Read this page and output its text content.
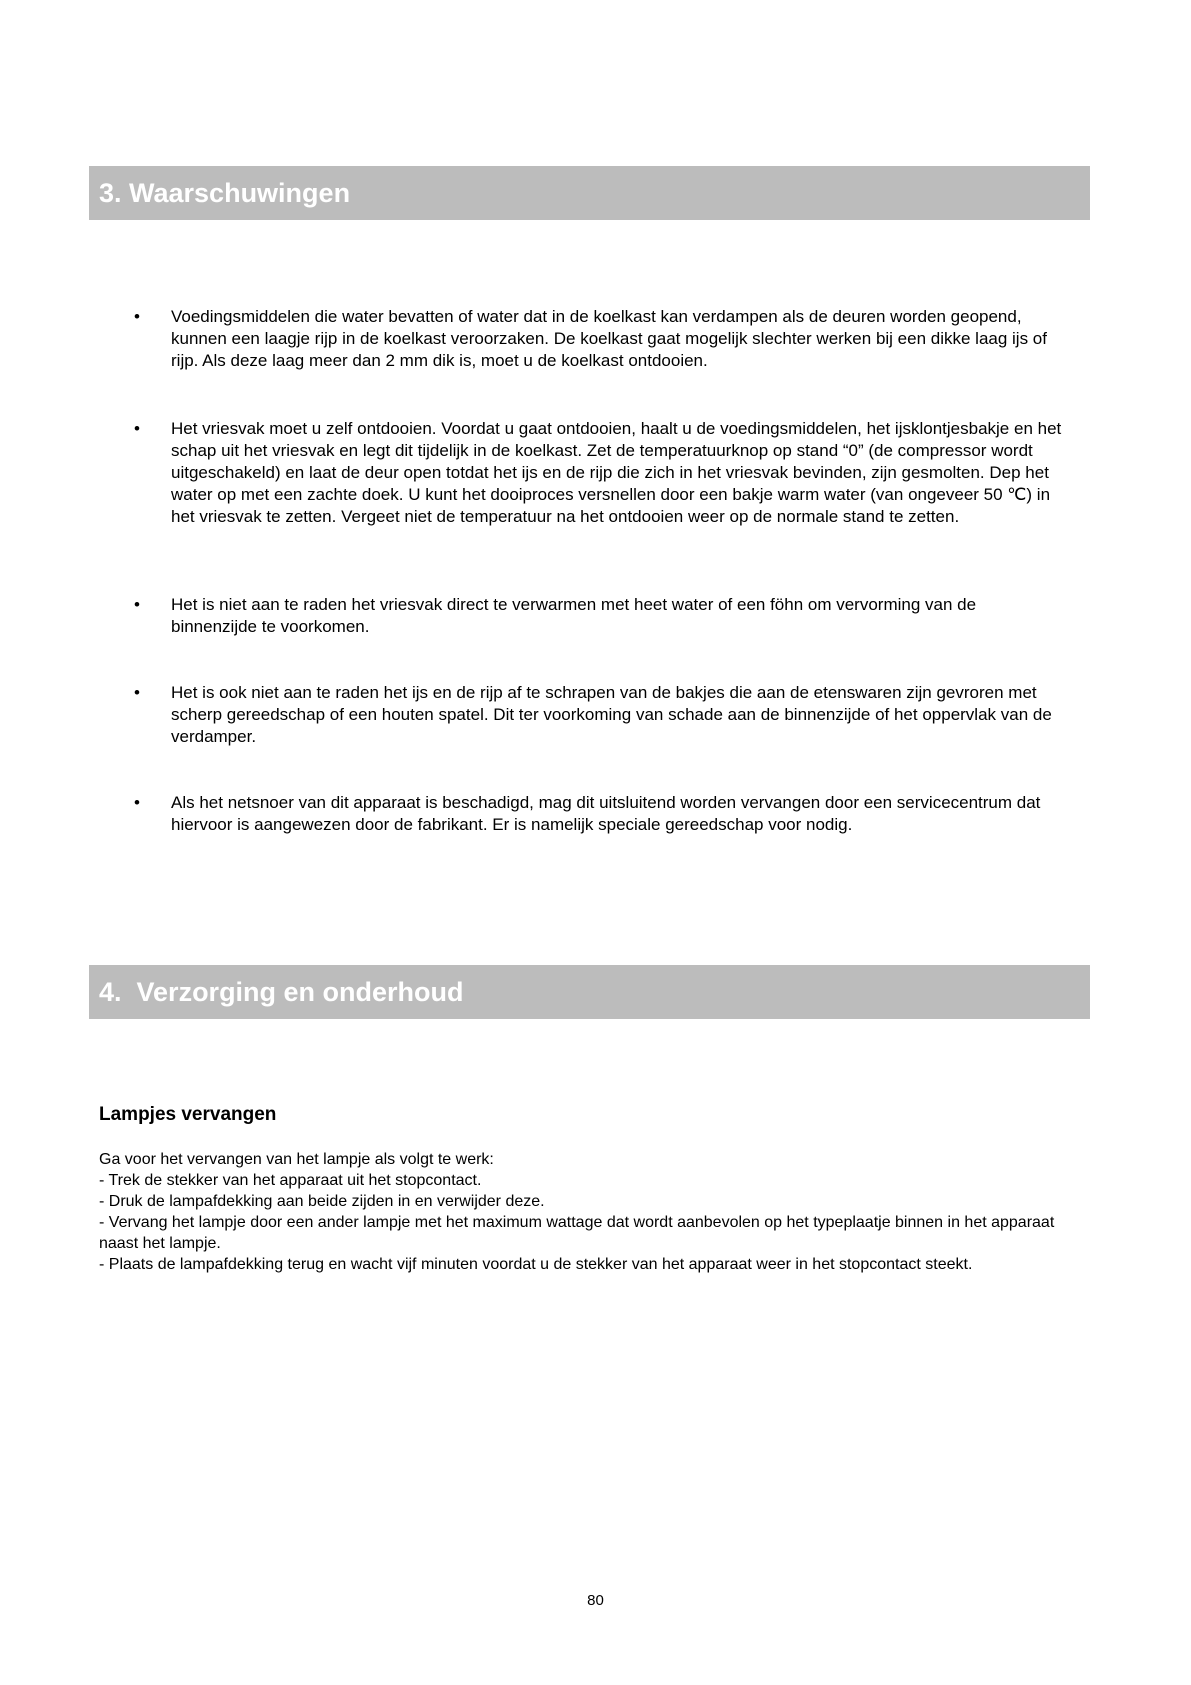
3. Waarschuwingen
• Voedingsmiddelen die water bevatten of water dat in de koelkast kan verdampen als de deuren worden geopend, kunnen een laagje rijp in de koelkast veroorzaken. De koelkast gaat mogelijk slechter werken bij een dikke laag ijs of rijp. Als deze laag meer dan 2 mm dik is, moet u de koelkast ontdooien.
• Het vriesvak moet u zelf ontdooien. Voordat u gaat ontdooien, haalt u de voedingsmiddelen, het ijsklontjesbakje en het schap uit het vriesvak en legt dit tijdelijk in de koelkast. Zet de temperatuurknop op stand “0” (de compressor wordt uitgeschakeld) en laat de deur open totdat het ijs en de rijp die zich in het vriesvak bevinden, zijn gesmolten. Dep het water op met een zachte doek. U kunt het dooiproces versnellen door een bakje warm water (van ongeveer 50 ℃) in het vriesvak te zetten. Vergeet niet de temperatuur na het ontdooien weer op de normale stand te zetten.
• Het is niet aan te raden het vriesvak direct te verwarmen met heet water of een föhn om vervorming van de binnenzijde te voorkomen.
• Het is ook niet aan te raden het ijs en de rijp af te schrapen van de bakjes die aan de etenswaren zijn gevroren met scherp gereedschap of een houten spatel. Dit ter voorkoming van schade aan de binnenzijde of het oppervlak van de verdamper.
• Als het netsnoer van dit apparaat is beschadigd, mag dit uitsluitend worden vervangen door een servicecentrum dat hiervoor is aangewezen door de fabrikant. Er is namelijk speciale gereedschap voor nodig.
4.  Verzorging en onderhoud
Lampjes vervangen
Ga voor het vervangen van het lampje als volgt te werk:
- Trek de stekker van het apparaat uit het stopcontact.
- Druk de lampafdekking aan beide zijden in en verwijder deze.
- Vervang het lampje door een ander lampje met het maximum wattage dat wordt aanbevolen op het typeplaatje binnen in het apparaat naast het lampje.
- Plaats de lampafdekking terug en wacht vijf minuten voordat u de stekker van het apparaat weer in het stopcontact steekt.
80
